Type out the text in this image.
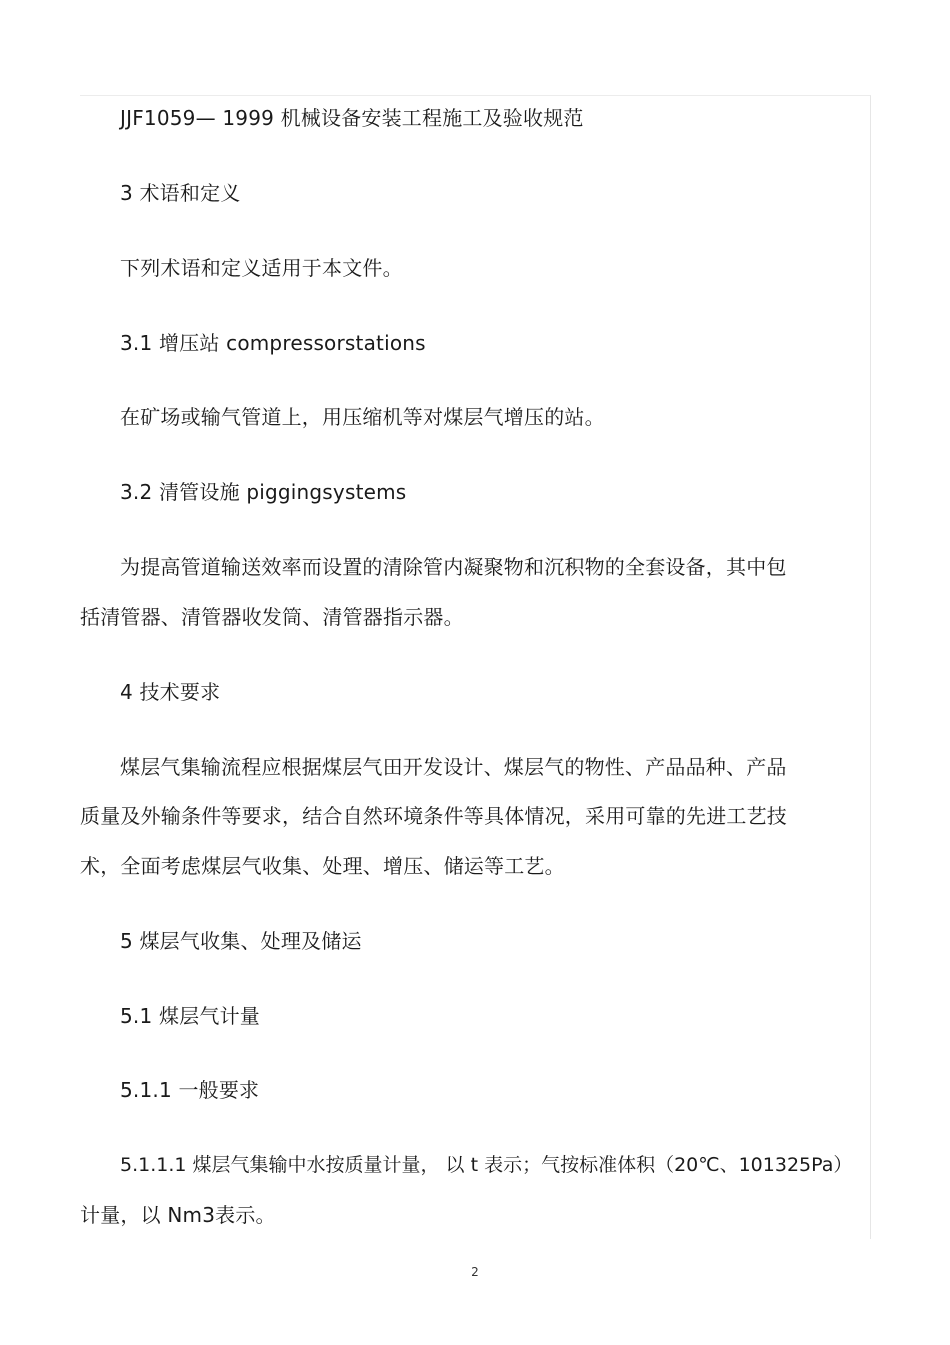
JJF1059— 1999 机械设备安装工程施工及验收规范
3 术语和定义
下列术语和定义适用于本文件。
3.1 增压站 compressorstations
在矿场或输气管道上，用压缩机等对煤层气增压的站。
3.2 清管设施 piggingsystems
为提高管道输送效率而设置的清除管内凝聚物和沉积物的全套设备，其中包
括清管器、清管器收发筒、清管器指示器。
4 技术要求
煤层气集输流程应根据煤层气田开发设计、煤层气的物性、产品品种、产品
质量及外输条件等要求，结合自然环境条件等具体情况，采用可靠的先进工艺技
术，全面考虑煤层气收集、处理、增压、储运等工艺。
5 煤层气收集、处理及储运
5.1 煤层气计量
5.1.1 一般要求
5.1.1.1 煤层气集输中水按质量计量， 以 t 表示；气按标准体积（20℃、101325Pa）
计量，以 Nm3表示。
2
